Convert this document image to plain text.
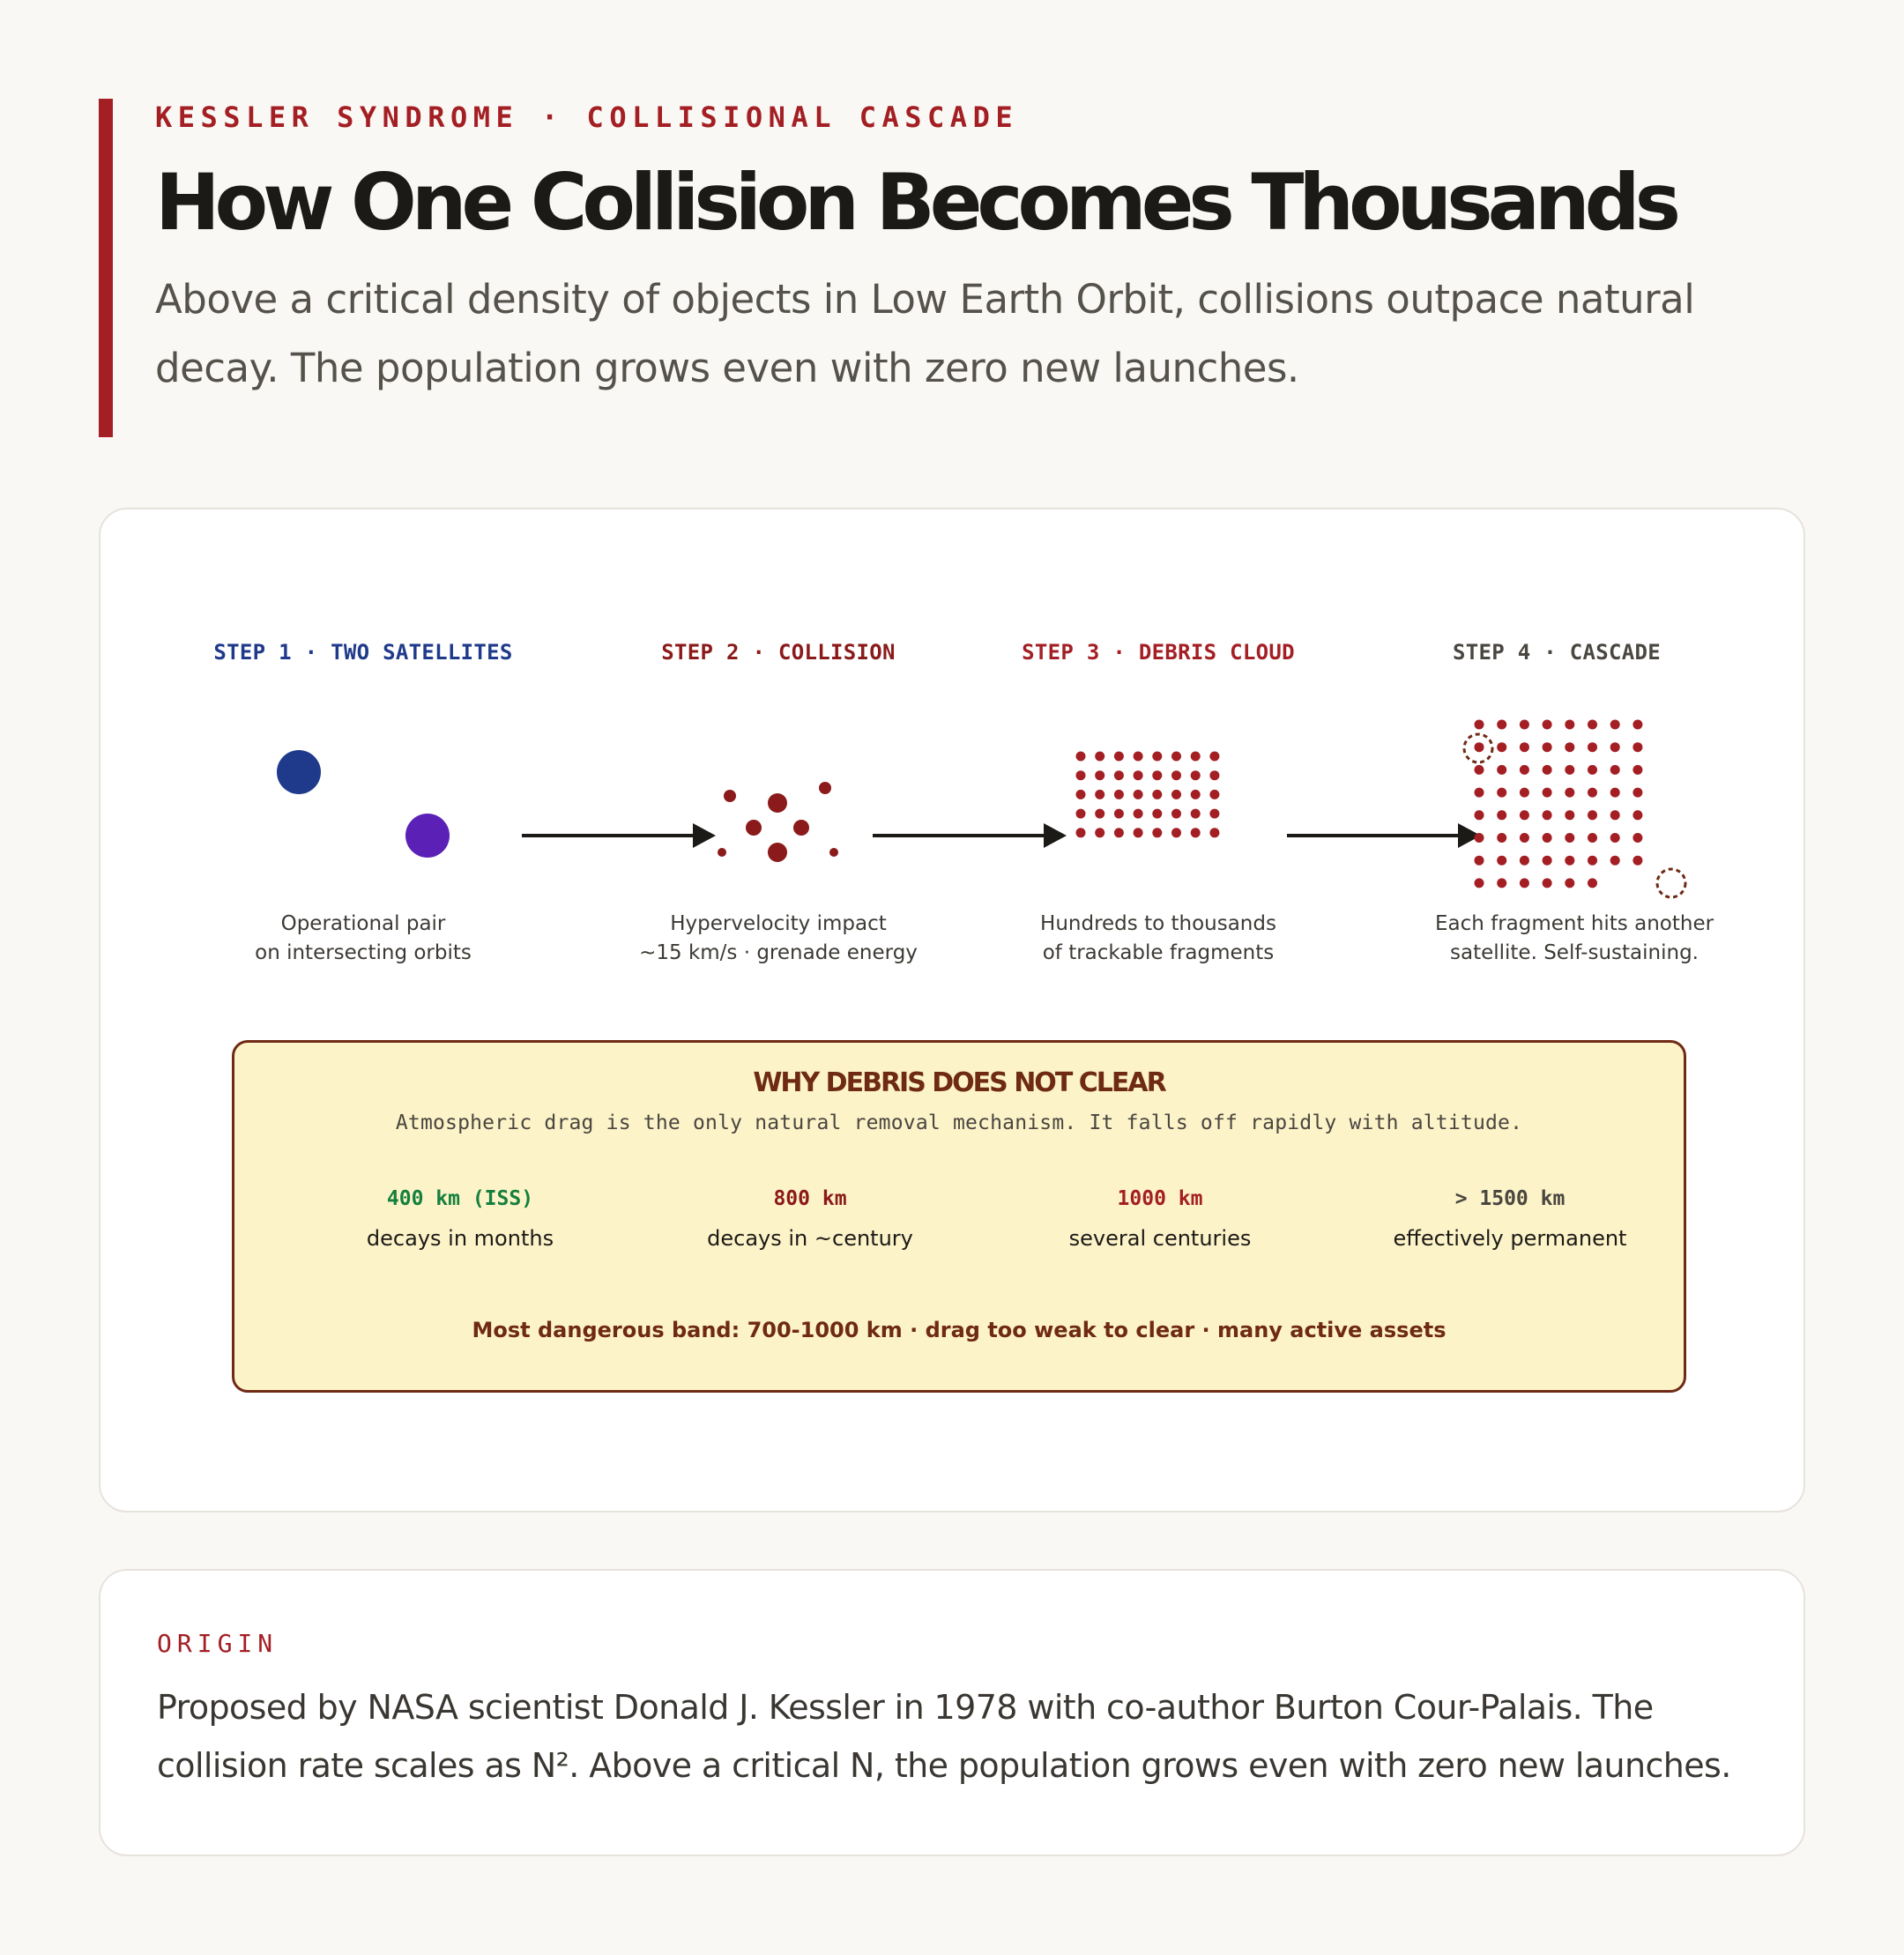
KESSLER SYNDROME · COLLISIONAL CASCADE
How One Collision Becomes Thousands
Above a critical density of objects in Low Earth Orbit, collisions outpace natural decay. The population grows even with zero new launches.
STEP 1 · TWO SATELLITES	STEP 2 · COLLISION	STEP 3 · DEBRIS CLOUD	STEP 4 · CASCADE
Operational pair
on intersecting orbits
Hypervelocity impact
~15 km/s · grenade energy
Hundreds to thousands
of trackable fragments
Each fragment hits another
satellite. Self-sustaining.
WHY DEBRIS DOES NOT CLEAR
Atmospheric drag is the only natural removal mechanism. It falls off rapidly with altitude.
400 km (ISS)
decays in months
800 km
decays in ~century
1000 km
several centuries
> 1500 km
effectively permanent
Most dangerous band: 700-1000 km · drag too weak to clear · many active assets
ORIGIN
Proposed by NASA scientist Donald J. Kessler in 1978 with co-author Burton Cour-Palais. The collision rate scales as N². Above a critical N, the population grows even with zero new launches.
